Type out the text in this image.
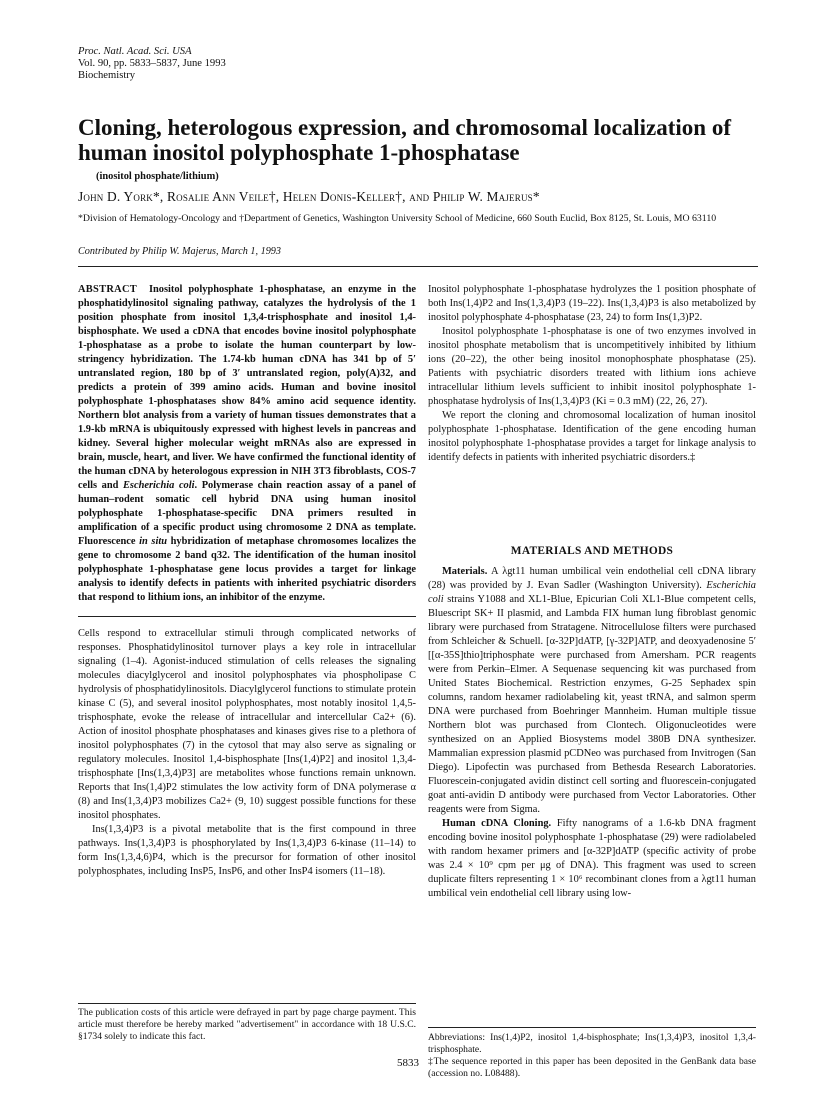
Proc. Natl. Acad. Sci. USA
Vol. 90, pp. 5833–5837, June 1993
Biochemistry
Cloning, heterologous expression, and chromosomal localization of human inositol polyphosphate 1-phosphatase
(inositol phosphate/lithium)
John D. York*, Rosalie Ann Veile†, Helen Donis-Keller†, and Philip W. Majerus*
*Division of Hematology-Oncology and †Department of Genetics, Washington University School of Medicine, 660 South Euclid, Box 8125, St. Louis, MO 63110
Contributed by Philip W. Majerus, March 1, 1993

ABSTRACT Inositol polyphosphate 1-phosphatase, an enzyme in the phosphatidylinositol signaling pathway, catalyzes the hydrolysis of the 1 position phosphate from inositol 1,3,4-trisphosphate and inositol 1,4-bisphosphate. We used a cDNA that encodes bovine inositol polyphosphate 1-phosphatase as a probe to isolate the human counterpart by low-stringency hybridization. The 1.74-kb human cDNA has 341 bp of 5′ untranslated region, 180 bp of 3′ untranslated region, poly(A)32, and predicts a protein of 399 amino acids. Human and bovine inositol polyphosphate 1-phosphatases show 84% amino acid sequence identity. Northern blot analysis from a variety of human tissues demonstrates that a 1.9-kb mRNA is ubiquitously expressed with highest levels in pancreas and kidney. Several higher molecular weight mRNAs also are expressed in brain, muscle, heart, and liver. We have confirmed the functional identity of the human cDNA by heterologous expression in NIH 3T3 fibroblasts, COS-7 cells and Escherichia coli. Polymerase chain reaction assay of a panel of human–rodent somatic cell hybrid DNA using human inositol polyphosphate 1-phosphatase-specific DNA primers resulted in amplification of a specific product using chromosome 2 DNA as template. Fluorescence in situ hybridization of metaphase chromosomes localizes the gene to chromosome 2 band q32. The identification of the human inositol polyphosphate 1-phosphatase gene locus provides a target for linkage analysis to identify defects in patients with inherited psychiatric disorders that respond to lithium ions, an inhibitor of the enzyme.

Cells respond to extracellular stimuli through complicated networks of responses. Phosphatidylinositol turnover plays a key role in intracellular signaling (1–4). Agonist-induced stimulation of cells releases the signaling molecules diacylglycerol and inositol polyphosphates via phospholipase C hydrolysis of phosphatidylinositols. Diacylglycerol functions to stimulate protein kinase C (5), and several inositol polyphosphates, most notably inositol 1,4,5-trisphosphate, evoke the release of intracellular and intercellular Ca2+ (6). Action of inositol phosphate phosphatases and kinases gives rise to a plethora of inositol polyphosphates (7) in the cytosol that may also serve as signaling or regulatory molecules. Inositol 1,4-bisphosphate [Ins(1,4)P2] and inositol 1,3,4-trisphosphate [Ins(1,3,4)P3] are metabolites whose functions remain unknown. Reports that Ins(1,4)P2 stimulates the low activity form of DNA polymerase α (8) and Ins(1,3,4)P3 mobilizes Ca2+ (9, 10) suggest possible functions for these inositol phosphates.

Ins(1,3,4)P3 is a pivotal metabolite that is the first compound in three pathways. Ins(1,3,4)P3 is phosphorylated by Ins(1,3,4)P3 6-kinase (11–14) to form Ins(1,3,4,6)P4, which is the precursor for formation of other inositol polyphosphates, including InsP5, InsP6, and other InsP4 isomers (11–18).

Inositol polyphosphate 1-phosphatase hydrolyzes the 1 position phosphate of both Ins(1,4)P2 and Ins(1,3,4)P3 (19–22). Ins(1,3,4)P3 is also metabolized by inositol polyphosphate 4-phosphatase (23, 24) to form Ins(1,3)P2.

Inositol polyphosphate 1-phosphatase is one of two enzymes involved in inositol phosphate metabolism that is uncompetitively inhibited by lithium ions (20–22), the other being inositol monophosphate phosphatase (25). Patients with psychiatric disorders treated with lithium ions achieve intracellular lithium levels sufficient to inhibit inositol polyphosphate 1-phosphatase hydrolysis of Ins(1,3,4)P3 (Ki = 0.3 mM) (22, 26, 27).

We report the cloning and chromosomal localization of human inositol polyphosphate 1-phosphatase. Identification of the gene encoding human inositol polyphosphate 1-phosphatase provides a target for linkage analysis to identify defects in patients with inherited psychiatric disorders.‡

MATERIALS AND METHODS

Materials. A λgt11 human umbilical vein endothelial cell cDNA library (28) was provided by J. Evan Sadler (Washington University). Escherichia coli strains Y1088 and XL1-Blue, Epicurian Coli XL1-Blue competent cells, Bluescript SK+ II plasmid, and Lambda FIX human lung fibroblast genomic library were purchased from Stratagene. Nitrocellulose filters were purchased from Schleicher & Schuell. [α-32P]dATP, [γ-32P]ATP, and deoxyadenosine 5′ [[α-35S]thio]triphosphate were purchased from Amersham. PCR reagents were from Perkin–Elmer. A Sequenase sequencing kit was purchased from United States Biochemical. Restriction enzymes, G-25 Sephadex spin columns, random hexamer radiolabeling kit, yeast tRNA, and salmon sperm DNA were purchased from Boehringer Mannheim. Human multiple tissue Northern blot was purchased from Clontech. Oligonucleotides were synthesized on an Applied Biosystems model 380B DNA synthesizer. Mammalian expression plasmid pCDNeo was purchased from Invitrogen (San Diego). Lipofectin was purchased from Bethesda Research Laboratories. Fluorescein-conjugated avidin distinct cell sorting and fluorescein-conjugated goat anti-avidin D antibody were purchased from Vector Laboratories. Other reagents were from Sigma.

Human cDNA Cloning. Fifty nanograms of a 1.6-kb DNA fragment encoding bovine inositol polyphosphate 1-phosphatase (29) were radiolabeled with random hexamer primers and [α-32P]dATP (specific activity of probe was 2.4 × 10⁹ cpm per μg of DNA). This fragment was used to screen duplicate filters representing 1 × 10⁶ recombinant clones from a λgt11 human umbilical vein endothelial cell library using low-

The publication costs of this article were defrayed in part by page charge payment. This article must therefore be hereby marked "advertisement" in accordance with 18 U.S.C. §1734 solely to indicate this fact.	Abbreviations: Ins(1,4)P2, inositol 1,4-bisphosphate; Ins(1,3,4)P3, inositol 1,3,4-trisphosphate.

‡The sequence reported in this paper has been deposited in the GenBank data base (accession no. L08488).

5833
